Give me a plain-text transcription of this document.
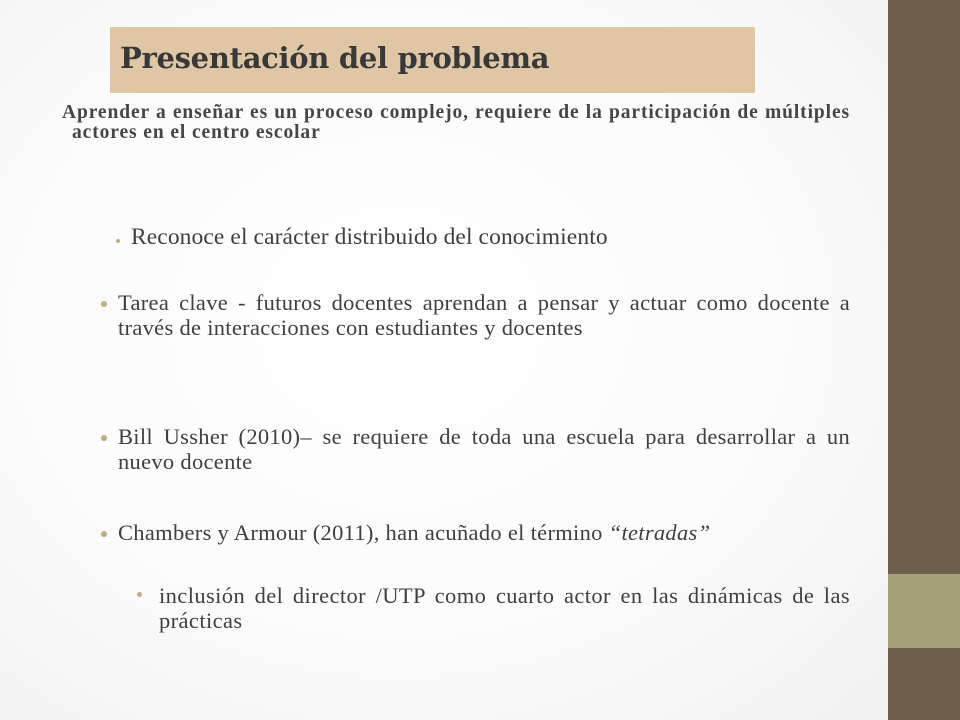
Presentación del problema

Aprender a enseñar es un proceso complejo, requiere de la participación de múltiples actores en el centro escolar

Reconoce el carácter distribuido del conocimiento

Tarea clave - futuros docentes aprendan a pensar y actuar como docente a través de interacciones con estudiantes y docentes

Bill Ussher (2010)– se requiere de toda una escuela para desarrollar a un nuevo docente

Chambers y Armour (2011), han acuñado el término “tetradas”

inclusión del director /UTP como cuarto actor en las dinámicas de las prácticas
